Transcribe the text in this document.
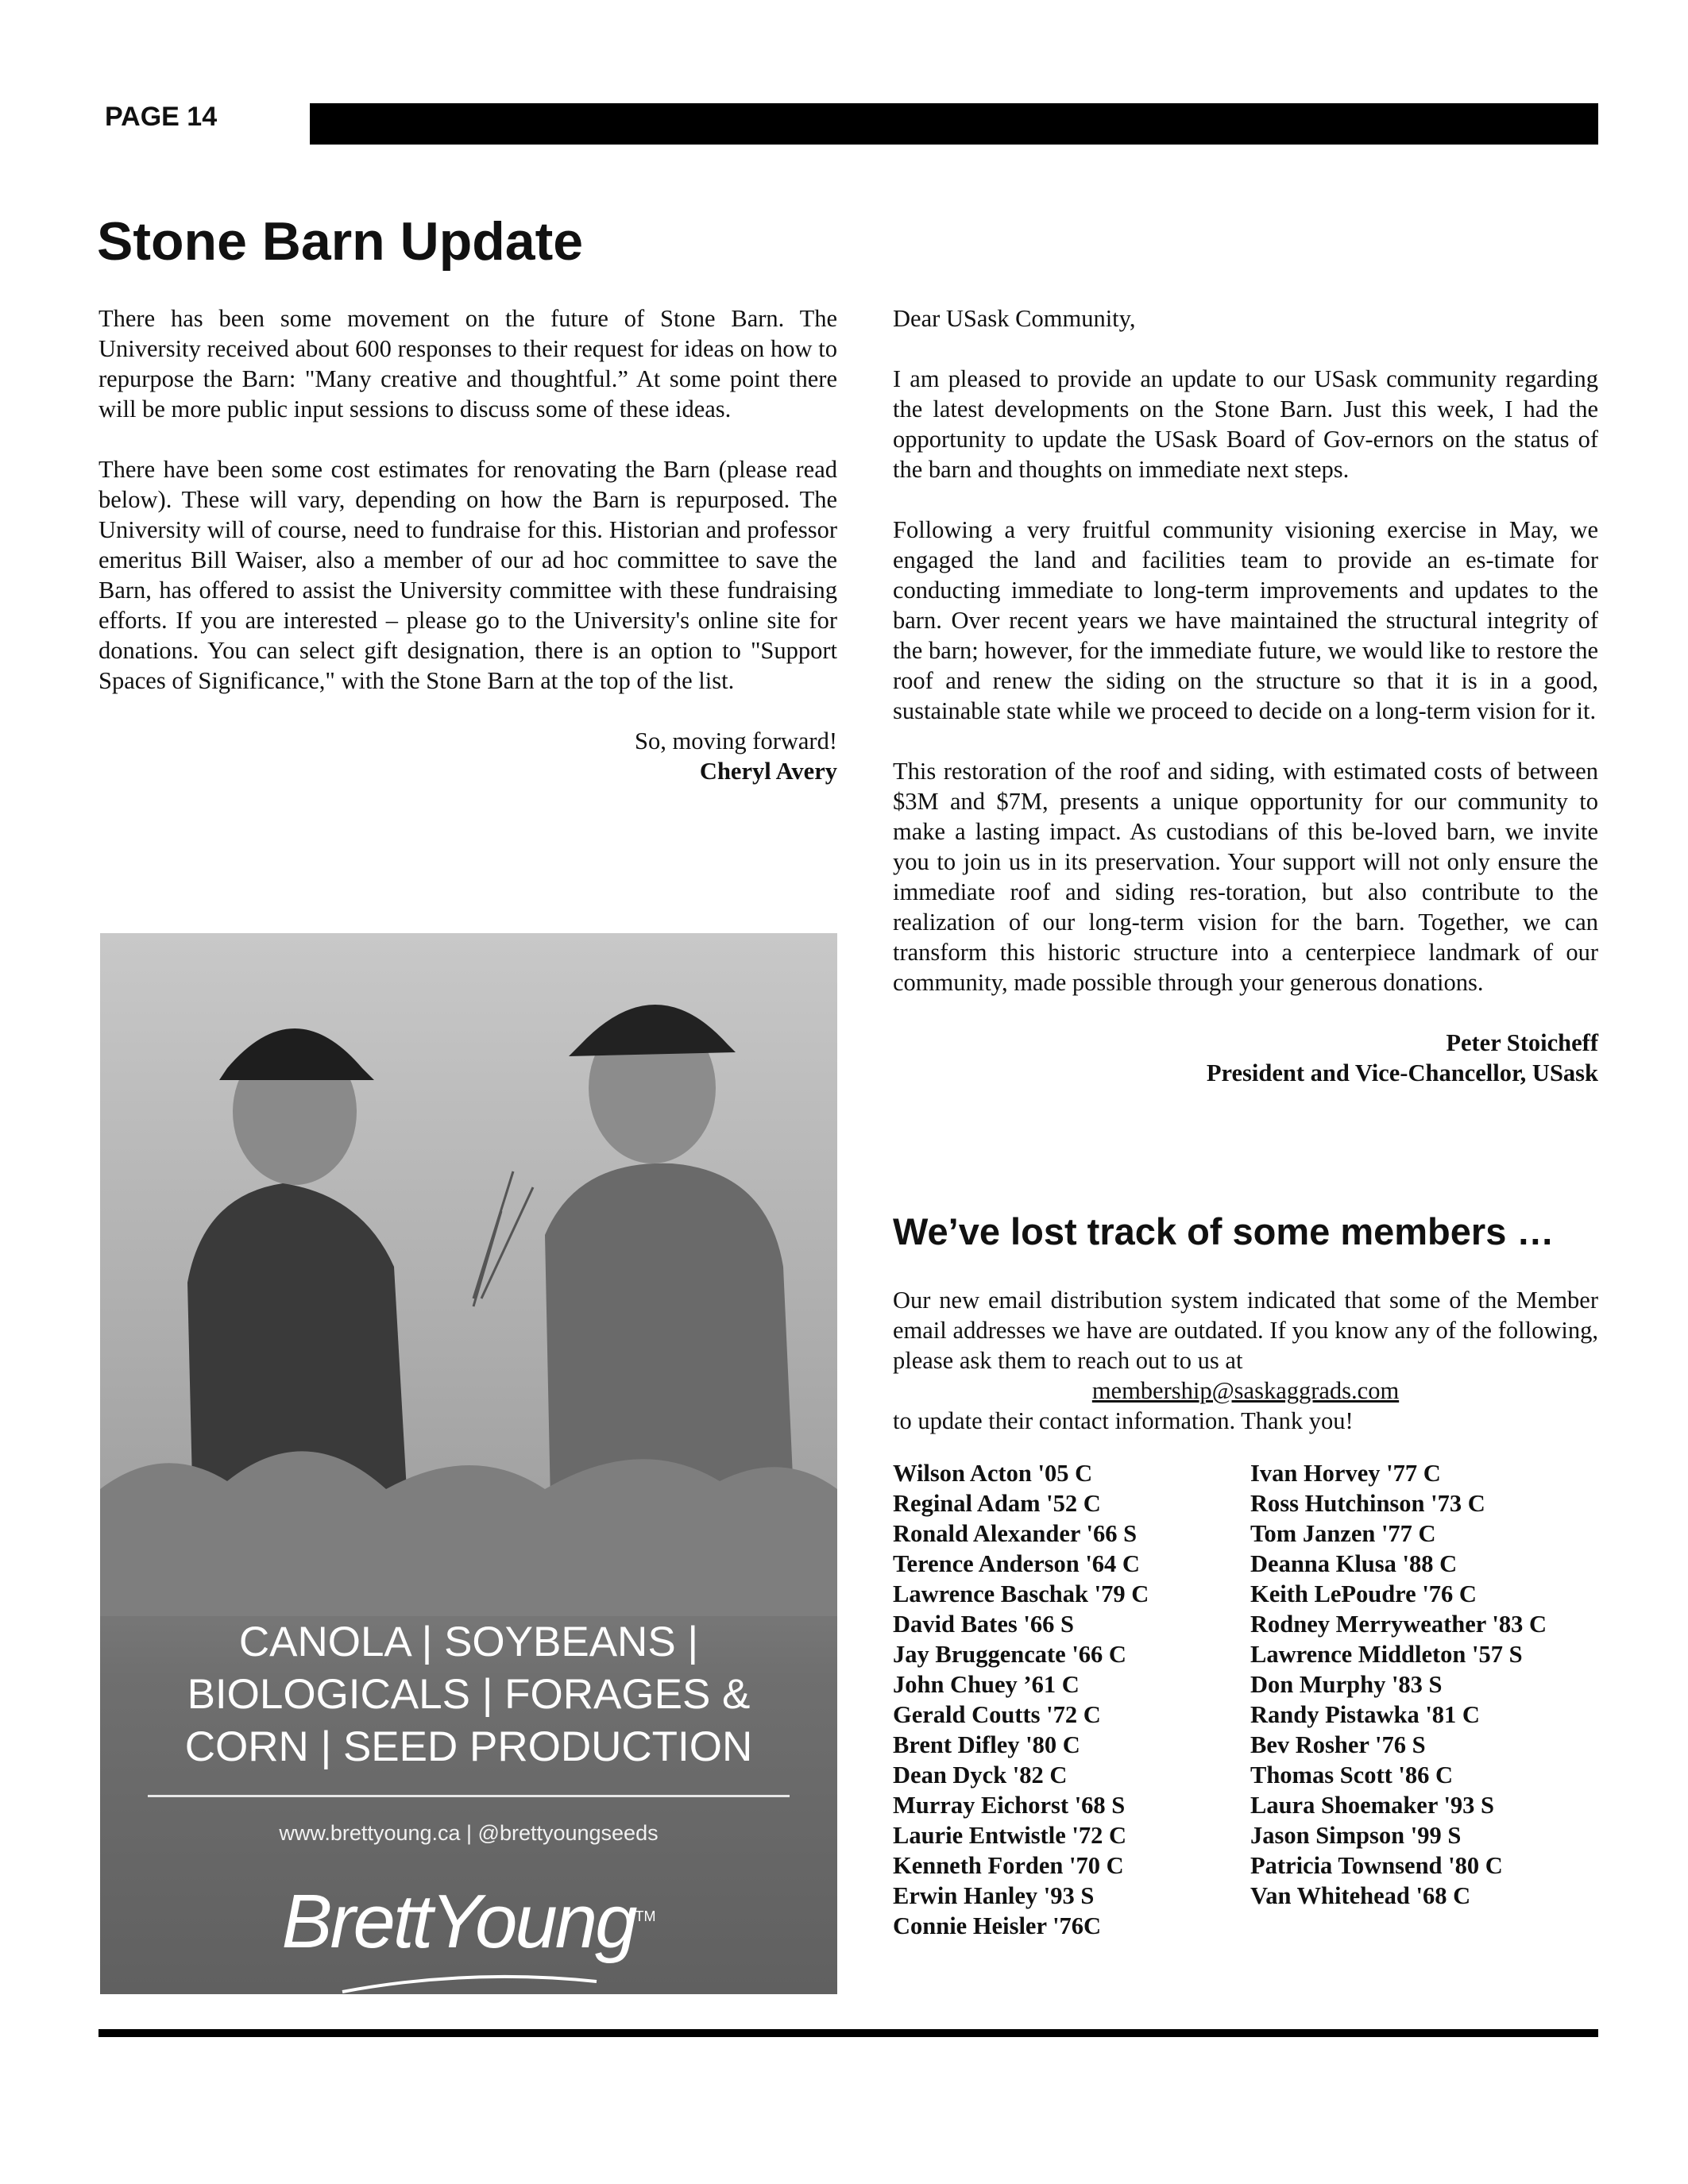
PAGE 14
Stone Barn Update

There has been some movement on the future of Stone Barn. The University received about 600 responses to their request for ideas on how to repurpose the Barn: "Many creative and thoughtful.” At some point there will be more public input sessions to discuss some of these ideas.

There have been some cost estimates for renovating the Barn (please read below). These will vary, depending on how the Barn is repurposed. The University will of course, need to fundraise for this. Historian and professor emeritus Bill Waiser, also a member of our ad hoc committee to save the Barn, has offered to assist the University committee with these fundraising efforts. If you are interested – please go to the University's online site for donations. You can select gift designation, there is an option to "Support Spaces of Significance," with the Stone Barn at the top of the list.

So, moving forward!
Cheryl Avery

Dear USask Community,

I am pleased to provide an update to our USask community regarding the latest developments on the Stone Barn. Just this week, I had the opportunity to update the USask Board of Gov-ernors on the status of the barn and thoughts on immediate next steps.

Following a very fruitful community visioning exercise in May, we engaged the land and facilities team to provide an es-timate for conducting immediate to long-term improvements and updates to the barn. Over recent years we have maintained the structural integrity of the barn; however, for the immediate future, we would like to restore the roof and renew the siding on the structure so that it is in a good, sustainable state while we proceed to decide on a long-term vision for it.

This restoration of the roof and siding, with estimated costs of between $3M and $7M, presents a unique opportunity for our community to make a lasting impact. As custodians of this be-loved barn, we invite you to join us in its preservation. Your support will not only ensure the immediate roof and siding res-toration, but also contribute to the realization of our long-term vision for the barn. Together, we can transform this historic structure into a centerpiece landmark of our community, made possible through your generous donations.

Peter Stoicheff
President and Vice-Chancellor, USask
CANOLA | SOYBEANS |
BIOLOGICALS | FORAGES &
CORN | SEED PRODUCTION
www.brettyoung.ca | @brettyoungseeds
BrettYoung™
We’ve lost track of some members …

Our new email distribution system indicated that some of the Member email addresses we have are outdated. If you know any of the following, please ask them to reach out to us at

membership@saskaggrads.com

to update their contact information. Thank you!

Wilson Acton '05 C
Reginal Adam '52 C
Ronald Alexander '66 S
Terence Anderson '64 C
Lawrence Baschak '79 C
David Bates '66 S
Jay Bruggencate '66 C
John Chuey ’61 C
Gerald Coutts '72 C
Brent Difley '80 C
Dean Dyck '82 C
Murray Eichorst '68 S
Laurie Entwistle '72 C
Kenneth Forden '70 C
Erwin Hanley '93 S
Connie Heisler '76C
Ivan Horvey '77 C
Ross Hutchinson '73 C
Tom Janzen '77 C
Deanna Klusa '88 C
Keith LePoudre '76 C
Rodney Merryweather '83 C
Lawrence Middleton '57 S
Don Murphy '83 S
Randy Pistawka '81 C
Bev Rosher '76 S
Thomas Scott '86 C
Laura Shoemaker '93 S
Jason Simpson '99 S
Patricia Townsend '80 C
Van Whitehead '68 C
